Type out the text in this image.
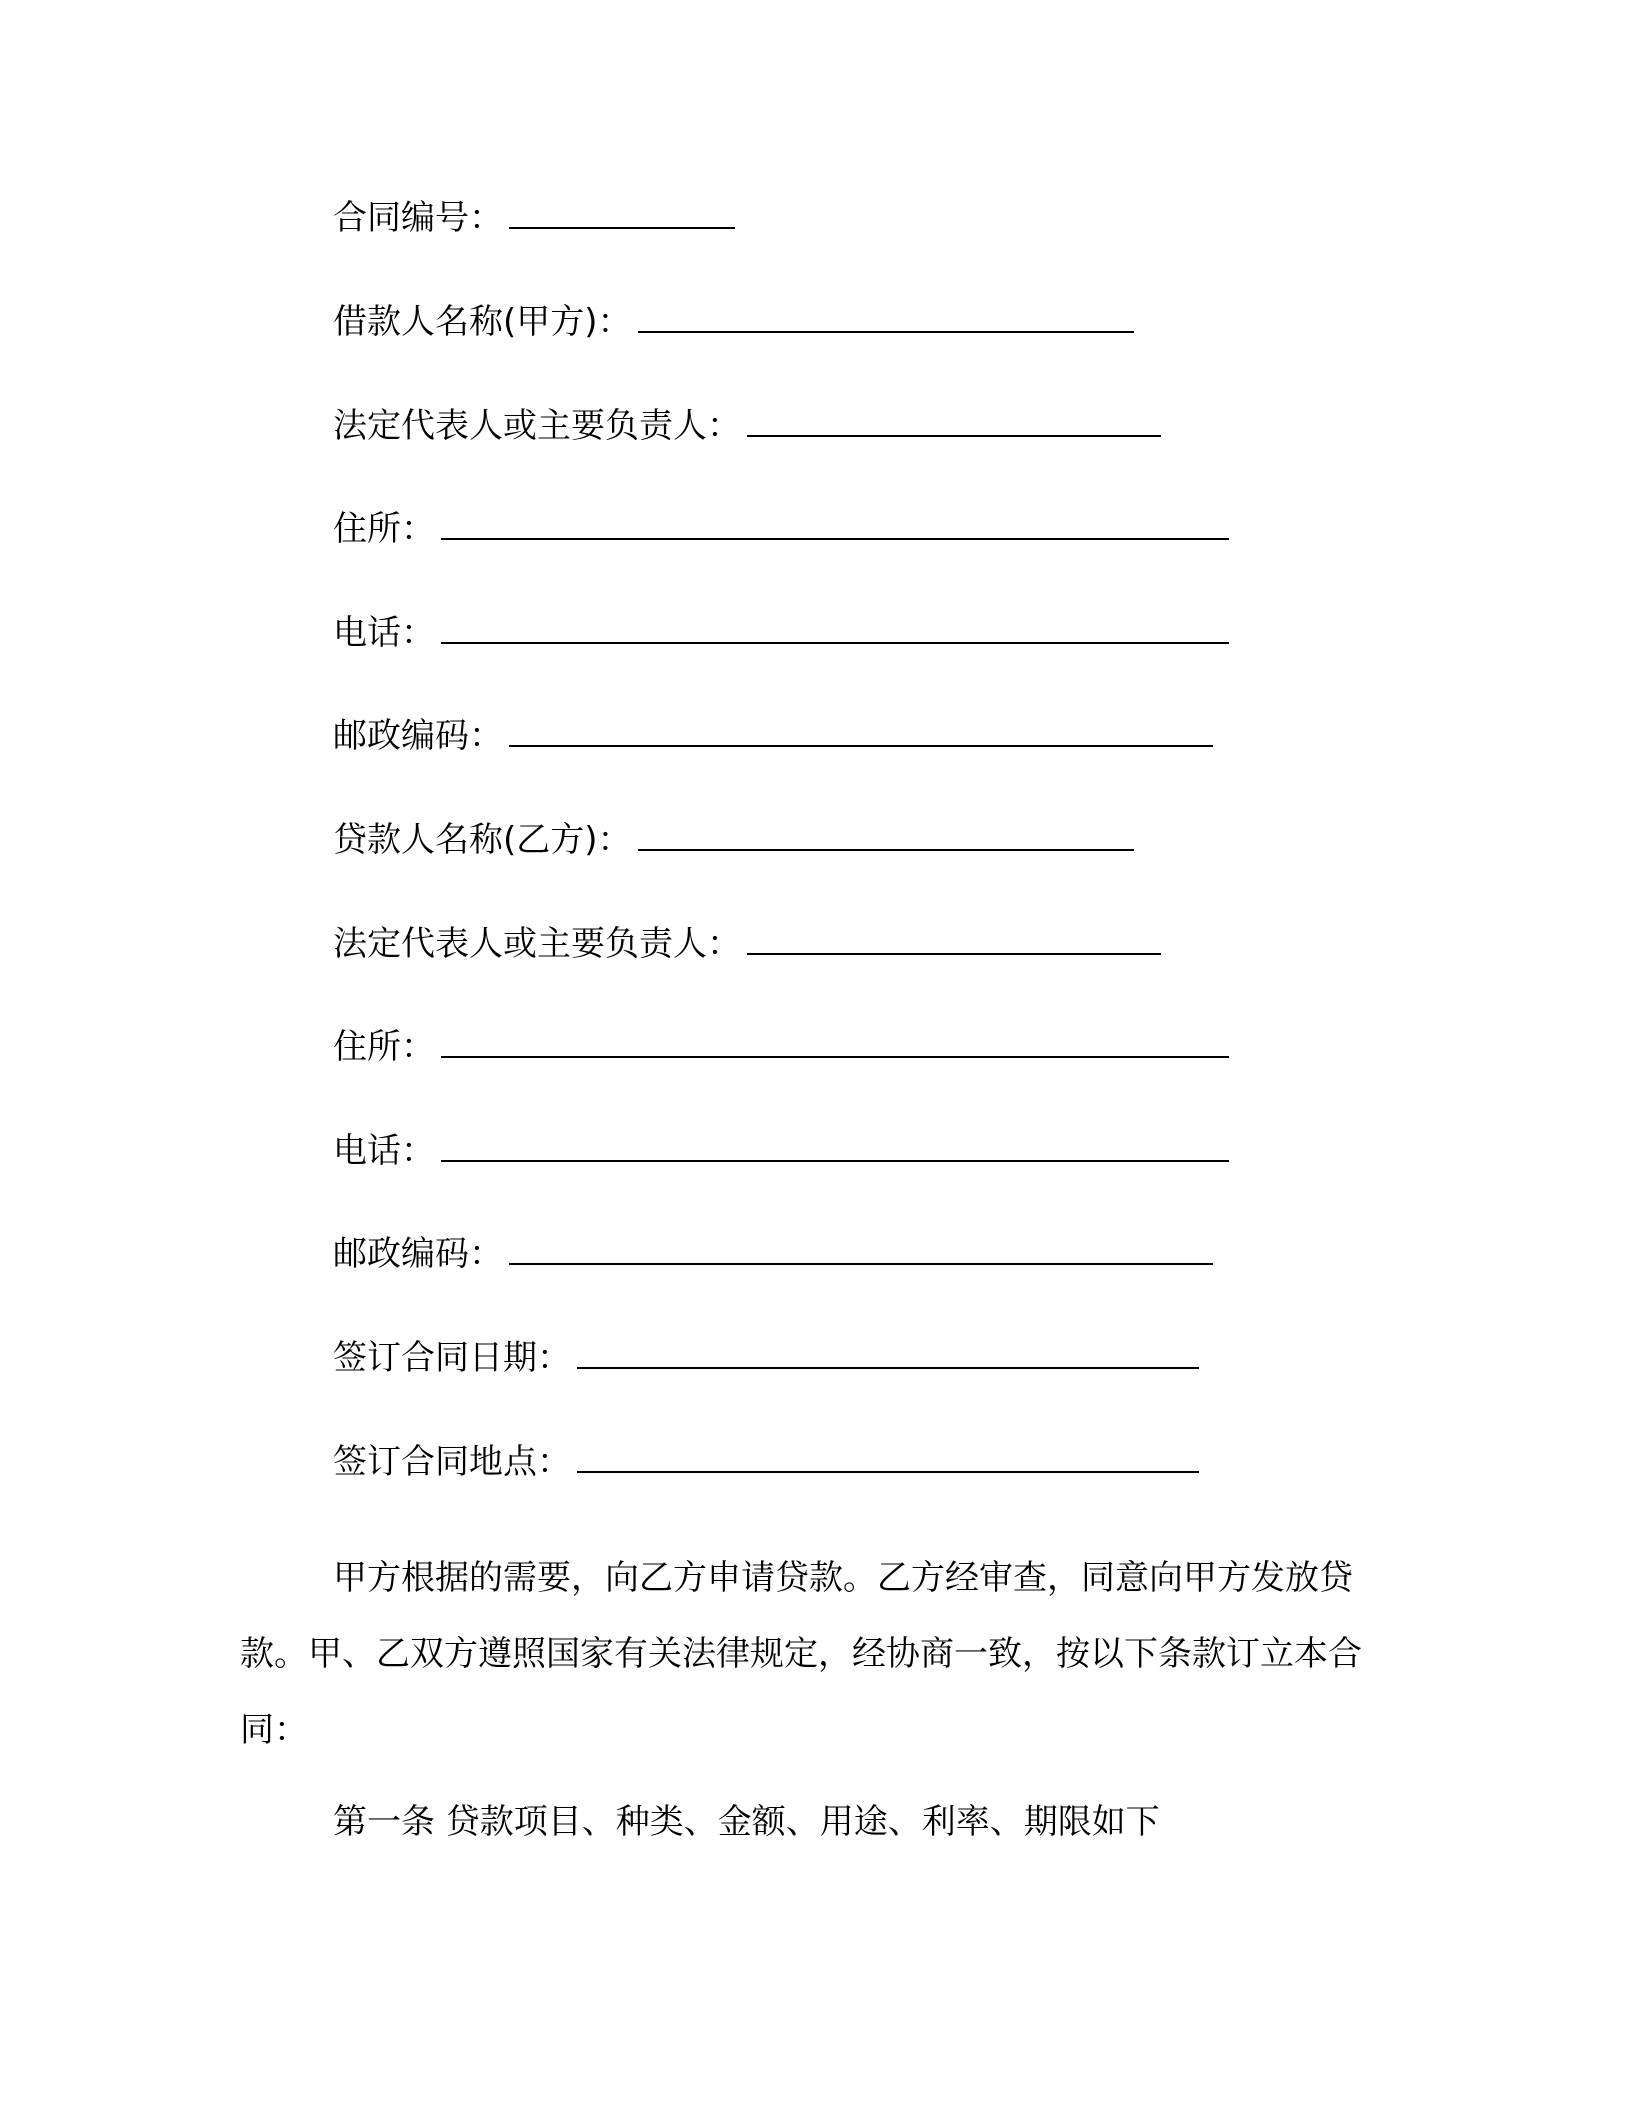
合同编号：
借款人名称(甲方)：
法定代表人或主要负责人：
住所：
电话：
邮政编码：
贷款人名称(乙方)：
法定代表人或主要负责人：
住所：
电话：
邮政编码：
签订合同日期：
签订合同地点：

甲方根据的需要，向乙方申请贷款。乙方经审查，同意向甲方发放贷款。甲、乙双方遵照国家有关法律规定，经协商一致，按以下条款订立本合同：

第一条 贷款项目、种类、金额、用途、利率、期限如下
